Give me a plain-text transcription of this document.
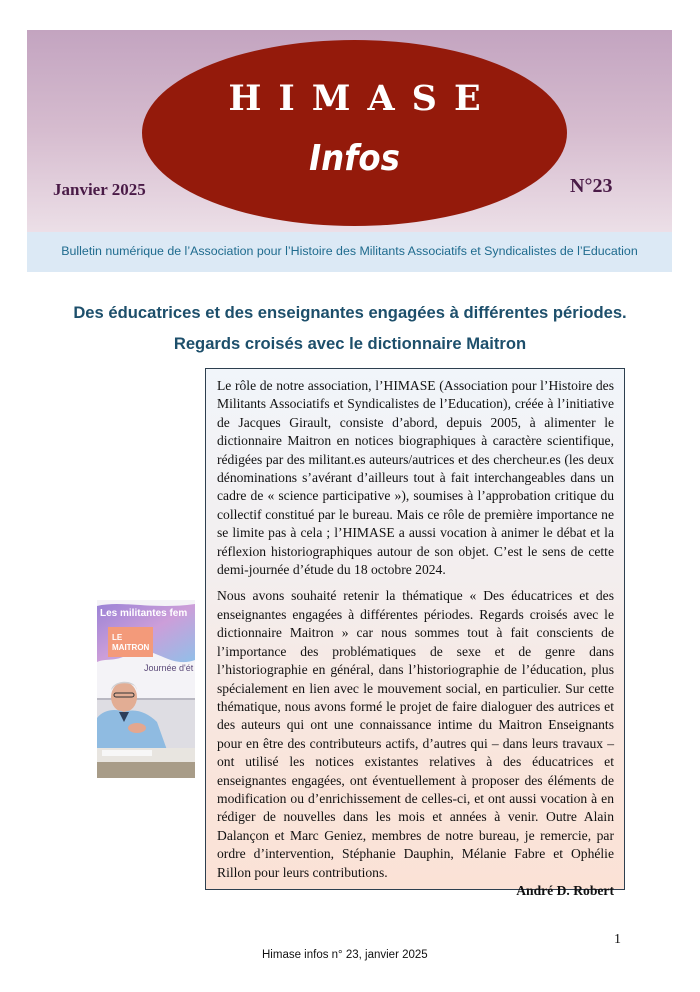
HIMASE
Infos
Janvier 2025	N°23
Bulletin numérique de l’Association pour l’Histoire des Militants Associatifs et Syndicalistes de l’Education
Des éducatrices et des enseignantes engagées à différentes périodes.
Regards croisés avec le dictionnaire Maitron
Les militantes fem
LE
MAITRON
Journée d'ét

Le rôle de notre association, l’HIMASE (Association pour l’Histoire des Militants Associatifs et Syndicalistes de l’Education), créée à l’initiative de Jacques Girault, consiste d’abord, depuis 2005, à alimenter le dictionnaire Maitron en notices biographiques à caractère scientifique, rédigées par des militant.es auteurs/autrices et des chercheur.es (les deux dénominations s’avérant d’ailleurs tout à fait interchangeables dans un cadre de « science participative »), soumises à l’approbation critique du collectif constitué par le bureau. Mais ce rôle de première importance ne se limite pas à cela ; l’HIMASE a aussi vocation à animer le débat et la réflexion historiographiques autour de son objet. C’est le sens de cette demi-journée d’étude du 18 octobre 2024.

Nous avons souhaité retenir la thématique « Des éducatrices et des enseignantes engagées à différentes périodes. Regards croisés avec le dictionnaire Maitron » car nous sommes tout à fait conscients de l’importance des problématiques de sexe et de genre dans l’historiographie en général, dans l’historiographie de l’éducation, plus spécialement en lien avec le mouvement social, en particulier. Sur cette thématique, nous avons formé le projet de faire dialoguer des autrices et des auteurs qui ont une connaissance intime du Maitron Enseignants pour en être des contributeurs actifs, d’autres qui – dans leurs travaux – ont utilisé les notices existantes relatives à des éducatrices et enseignantes engagées, ont éventuellement à proposer des éléments de modification ou d’enrichissement de celles-ci, et ont aussi vocation à en rédiger de nouvelles dans les mois et années à venir. Outre Alain Dalançon et Marc Geniez, membres de notre bureau, je remercie, par ordre d’intervention, Stéphanie Dauphin, Mélanie Fabre et Ophélie Rillon pour leurs contributions.

André D. Robert
1
Himase infos n° 23, janvier 2025
